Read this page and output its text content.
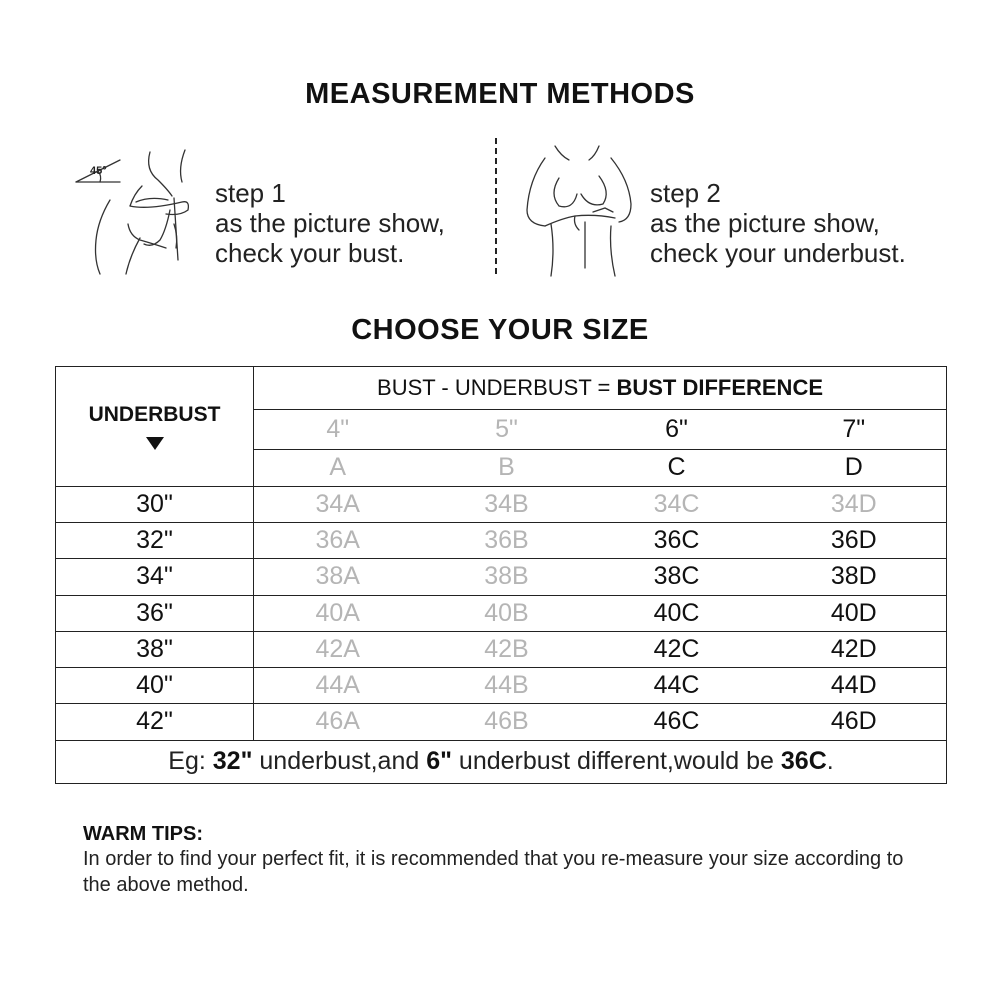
MEASUREMENT METHODS
45°
step 1
as the picture show,
check your bust.
step 2
as the picture show,
check your underbust.
CHOOSE YOUR SIZE
UNDERBUST	BUST - UNDERBUST = BUST DIFFERENCE			
	4"	5"	6"	7"
	A	B	C	D
30"	34A	34B	34C	34D
32"	36A	36B	36C	36D
34"	38A	38B	38C	38D
36"	40A	40B	40C	40D
38"	42A	42B	42C	42D
40"	44A	44B	44C	44D
42"	46A	46B	46C	46D
Eg: 32" underbust,and 6" underbust different,would be 36C.				
WARM TIPS:
In order to find your perfect fit, it is recommended that you re-measure your size according to the above method.
